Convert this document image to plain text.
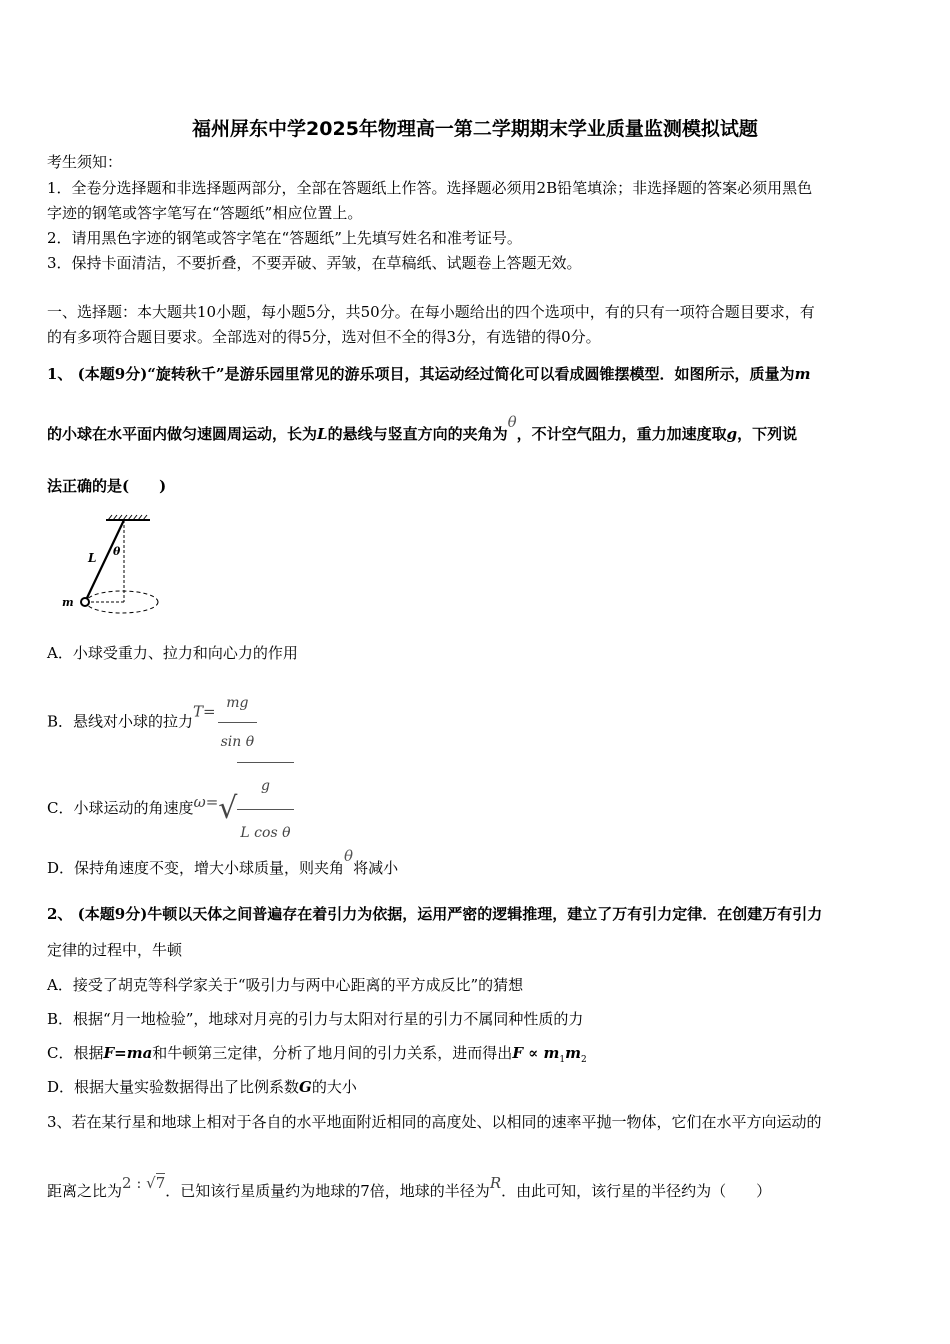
福州屏东中学2025年物理高一第二学期期末学业质量监测模拟试题
考生须知：
1．全卷分选择题和非选择题两部分，全部在答题纸上作答。选择题必须用2B铅笔填涂；非选择题的答案必须用黑色
字迹的钢笔或答字笔写在“答题纸”相应位置上。
2．请用黑色字迹的钢笔或答字笔在“答题纸”上先填写姓名和准考证号。
3．保持卡面清洁，不要折叠，不要弄破、弄皱，在草稿纸、试题卷上答题无效。
一、选择题：本大题共10小题，每小题5分，共50分。在每小题给出的四个选项中，有的只有一项符合题目要求，有
的有多项符合题目要求。全部选对的得5分，选对但不全的得3分，有选错的得0分。
1、 (本题9分)“旋转秋千”是游乐园里常见的游乐项目，其运动经过简化可以看成圆锥摆模型．如图所示，质量为m
的小球在水平面内做匀速圆周运动，长为L的悬线与竖直方向的夹角为θ，不计空气阻力，重力加速度取g，下列说
法正确的是(　　)
L θ
m
A．小球受重力、拉力和向心力的作用
B．悬线对小球的拉力$T= \frac{mg}{\text{sin θ}}$
C．小球运动的角速度$\omega=√ \frac{g}{\text{L cos θ}}$
D．保持角速度不变，增大小球质量，则夹角θ将减小
2、 (本题9分)牛顿以天体之间普遍存在着引力为依据，运用严密的逻辑推理，建立了万有引力定律．在创建万有引力
定律的过程中，牛顿
A．接受了胡克等科学家关于“吸引力与两中心距离的平方成反比”的猜想
B．根据“月一地检验”，地球对月亮的引力与太阳对行星的引力不属同种性质的力
C．根据F=ma和牛顿第三定律，分析了地月间的引力关系，进而得出$F \propto m_1m_2$
D．根据大量实验数据得出了比例系数G的大小
3、若在某行星和地球上相对于各自的水平地面附近相同的高度处、以相同的速率平抛一物体，它们在水平方向运动的
距离之比为2 : √7．已知该行星质量约为地球的7倍，地球的半径为R．由此可知，该行星的半径约为（　　）
